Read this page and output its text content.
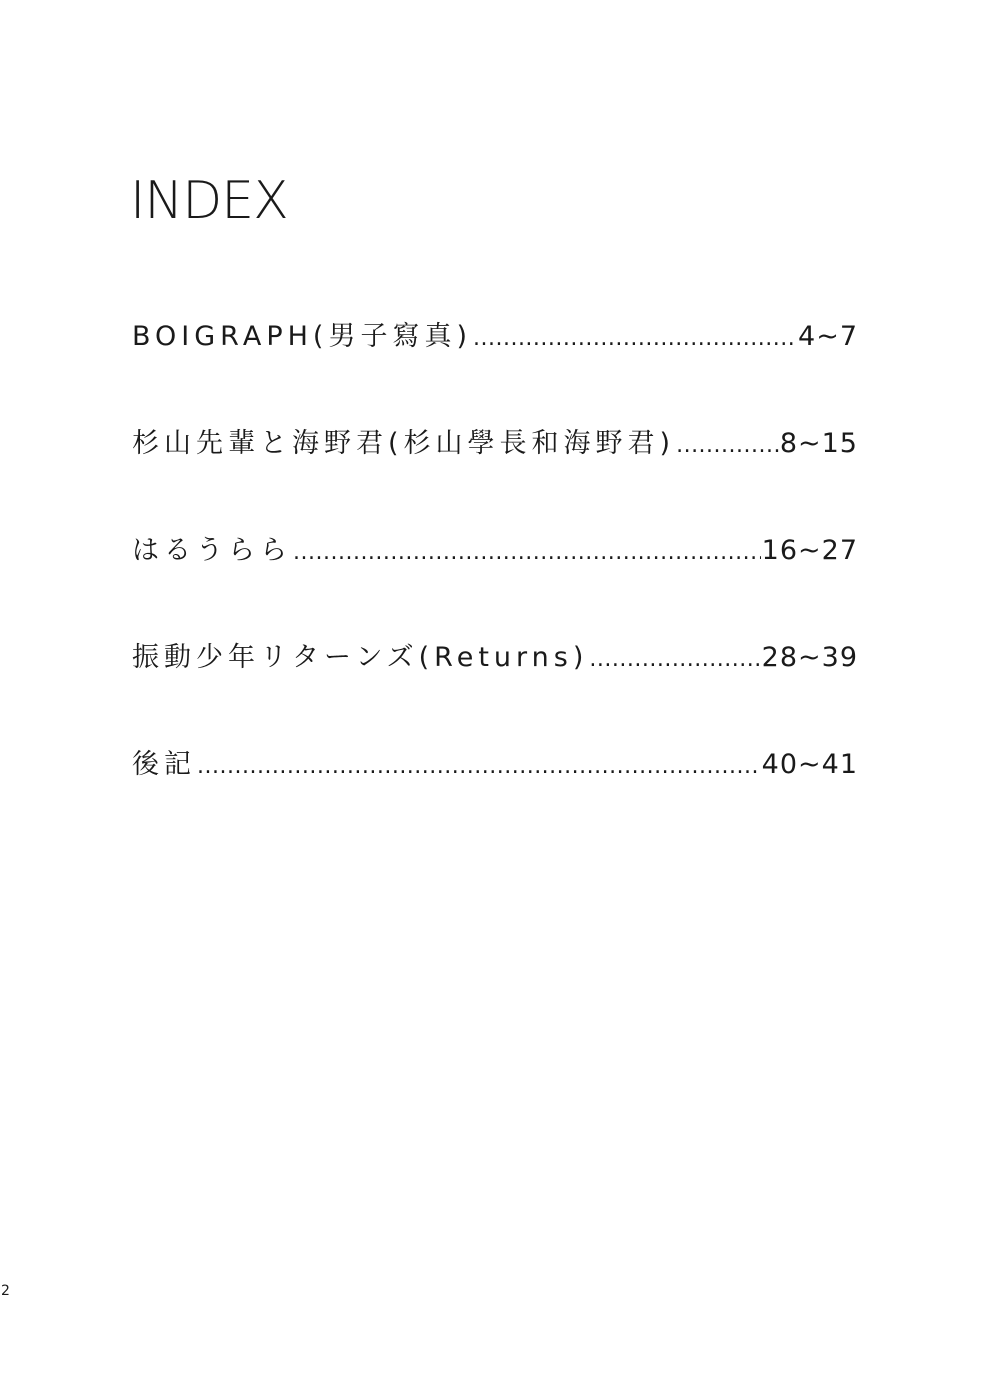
INDEX
BOIGRAPH(男子寫真) .....	4~7
杉山先輩と海野君(杉山學長和海野君) .....	8~15
はるうらら .....	16~27
振動少年リターンズ(Returns) .....	28~39
後記 .....	40~41
2
